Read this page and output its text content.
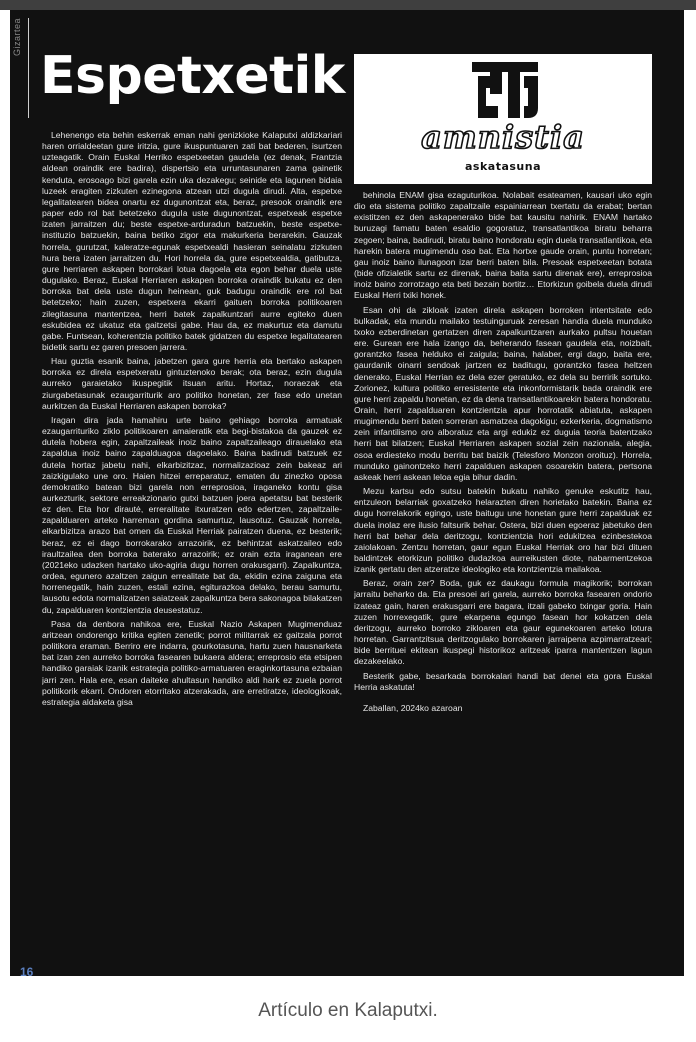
Gizartea
Espetxetik
amnistia
askatasuna

Lehenengo eta behin eskerrak eman nahi genizkioke Kalaputxi aldizkariari haren orrialdeetan gure iritzia, gure ikuspuntuaren zati bat bederen, isurtzen uzteagatik. Orain Euskal Herriko espetxeetan gaudela (ez denak, Frantzia aldean oraindik ere badira), dispertsio eta urruntasunaren zama gainetik kenduta, erosoago bizi garela ezin uka dezakegu; seinide eta lagunen bidaia luzeek eragiten zizkuten ezinegona atzean utzi dugula dirudi. Alta, espetxe legalitatearen bidea onartu ez dugunontzat eta, beraz, presook oraindik ere paper edo rol bat betetzeko duguIa uste dugunontzat, espetxeak espetxe izaten jarraitzen du; beste espetxe-arduradun batzuekin, beste espetxe-instituzio batzuekin, baina betiko zigor eta makurkeria berarekin. Gauzak horrela, gurutzat, kaleratze-egunak espetxealdi hasieran seinalatu zizkuten hura bera izaten jarraitzen du. Hori horrela da, gure espetxealdia, gatibutza, gure herriaren askapen borrokari lotua dagoela eta egon behar duela uste dugulako. Beraz, Euskal Herriaren askapen borroka oraindik bukatu ez den borroka bat dela uste dugun heinean, guk badugu oraindik ere rol bat betetzeko; hain zuzen, espetxera ekarri gaituen borroka politikoaren zilegitasuna mantentzea, herri batek zapalkuntzari aurre egiteko duen eskubidea ez ukatuz eta gaitzetsi gabe. Hau da, ez makurtuz eta damutu gabe. Funtsean, koherentzia politiko batek gidatzen du espetxe legalitatearen bidetik sartu ez garen presoen jarrera.

Hau guztia esanik baina, jabetzen gara gure herria eta bertako askapen borroka ez direla espetxeratu gintuztenoko berak; ota beraz, ezin dugula aurreko garaietako ikuspegitik itsuan aritu. Hortaz, noraezak eta ziurgabetasunak ezaugarriturik aro politiko honetan, zer fase edo unetan aurkitzen da Euskal Herriaren askapen borroka?

Iragan dira jada hamahiru urte baino gehiago borroka armatuak ezaugarrituriko ziklo politikoaren amaieratik eta begi-bistakoa da gauzek ez dutela hobera egin, zapaltzaileak inoiz baino zapaltzaileago dirauelako eta zapaldua inoiz baino zapalduagoa dagoelako. Baina badirudi batzuek ez dutela hortaz jabetu nahi, elkarbizitzaz, normalizazioaz zein bakeaz ari zaizkigulako une oro. Haien hitzei erreparatuz, ematen du zinezko oposa demokratiko batean bizi garela non erreprosioa, iraganeko kontu gisa aurkezturik, sektore erreakzionario gutxi batzuen joera apetatsu bat besterik ez den. Eta hor dirautė, erreralitate itxuratzen edo edertzen, zapaltzaile-zapalduaren arteko harreman gordina samurtuz, lausotuz. Gauzak horrela, elkarbizitza arazo bat omen da Euskal Herriak pairatzen duena, ez besterik; beraz, ez ei dago borrokarako arrazoirik, ez behintzat askatzaileo edo iraultzailea den borroka baterako arrazoirik; ez orain ezta iraganean ere (2021eko udazken hartako uko-agiria dugu horren orakusgarri). Zapalkuntza, ordea, egunero azaltzen zaigun errealitate bat da, ekidin ezina zaiguna eta horrenegatik, hain zuzen, estali ezina, egiturazkoa delako, berau samurtu, lausotu edota normalizatzen saiatzeak zapalkuntza bera sakonagoa bilakatzen du, zapalduaren kontzientzia deusestatuz.

Pasa da denbora nahikoa ere, Euskal Nazio Askapen Mugimenduaz aritzean ondorengo kritika egiten zenetik; porrot militarrak ez gaitzala porrot politikora eraman. Berriro ere indarra, gourkotasuna, hartu zuen hausnarketa bat izan zen aurreko borroka fasearen bukaera aldera; erreprosio eta etsipen handiko garaiak izanik estrategia politiko-armatuaren eraginkortasuna ezbaian jarri zen. Hala ere, esan daiteke ahultasun handiko aldi hark ez zuela porrot politikorik ekarri. Ondoren etorritako atzerakada, are erretiratze, ideologikoak, estrategia aldaketa gisa

behinola ENAM gisa ezaguturikoa. Nolabait esateamen, kausari uko egin dio eta sistema politiko zapaltzaile espainiarrean txertatu da erabat; bertan existitzen ez den askapenerako bide bat kausitu nahirik. ENAM hartako buruzagi famatu baten esaldio gogoratuz, transatlantikoa biratu beharra zegoen; baina, badirudi, biratu baino hondoratu egin duela transatlantikoa, eta harekin batera mugimendu oso bat. Eta hortxe gaude orain, puntu horretan; gau inoiz baino ilunagoon izar berri baten bila. Presoak espetxeetan botata (bide ofizialetik sartu ez direnak, baina baita sartu direnak ere), erreprosioa inoiz baino zorrotzago eta beti bezain bortitz… Etorkizun goibela duela dirudi Euskal Herri txiki honek.

Esan ohi da zikloak izaten direla askapen borroken intentsitate edo bulkadak, eta mundu mailako testuinguruak zeresan handia duela munduko txoko ezberdinetan gertatzen diren zapalkuntzaren aurkako pultsu houetan ere. Gurean ere hala izango da, beherando fasean gaudela eta, noizbait, gorantzko fasea helduko ei zaigula; baina, halaber, ergi dago, baita ere, gaurdanik oinarri sendoak jartzen ez baditugu, gorantzko fasea heltzen denerako, Euskal Herrian ez dela ezer geratuko, ez dela su berririk sortuko. Zorionez, kultura politiko erresistente eta inkonformistarik bada oraindik ere gure herri zapaldu honetan, ez da dena transatlantikoarekin batera hondoratu. Orain, herri zapalduaren kontzientzia apur horrotatik abiatuta, askapen mugimendu berri baten sorreran asmatzea dagokigu; ezkerkeria, dogmatismo zein infantilismo oro alboratuz eta argi edukiz ez duguia teoria batentzako herri bat bilatzen; Euskal Herriaren askapen sozial zein nazionala, alegia, osoa erdiesteko modu berritu bat baizik (Telesforo Monzon oroituz). Horrela, munduko gainontzeko herri zapalduen askapen osoarekin batera, pertsona askeak herri askean leloa egia bihur dadin.

Mezu kartsu edo sutsu batekin bukatu nahiko genuke eskutitz hau, entzuleon belarriak goxatzeko helarazten diren horietako batekin. Baina ez dugu horrelakorik egingo, uste baitugu une honetan gure herri zapalduak ez duela inolaz ere ilusio faltsurik behar. Ostera, bizi duen egoeraz jabetuko den herri bat behar dela deritzogu, kontzientzia hori edukitzea ezinbestekoa zaiolakoan. Zentzu horretan, gaur egun Euskal Herriak oro har bizi dituen baldintzek etorkizun politiko dudazkoa aurreikusten diote, nabarmentzekoa izanik gertatu den atzeratze ideologiko eta kontzientzia mailakoa.

Beraz, orain zer? Boda, guk ez daukagu formula magikorik; borrokan jarraitu beharko da. Eta presoei ari garela, aurreko borroka fasearen ondorio izateaz gain, haren erakusgarri ere bagara, itzali gabeko txingar goria. Hain zuzen horrexegatik, gure ekarpena egungo fasean hor kokatzen dela deritzogu, aurreko borroko zikloaren eta gaur egunekoaren arteko lotura horretan. Garrantzitsua deritzogulako borrokaren jarraipena azpimarratzeari; bide berrituei ekitean ikuspegi historikoz aritzeak iparra mantentzen lagun dezakeelako.

Besterik gabe, besarkada borrokalari handi bat denei eta gora Euskal Herria askatuta!

Zaballan, 2024ko azaroan

16
Artículo en Kalaputxi.
